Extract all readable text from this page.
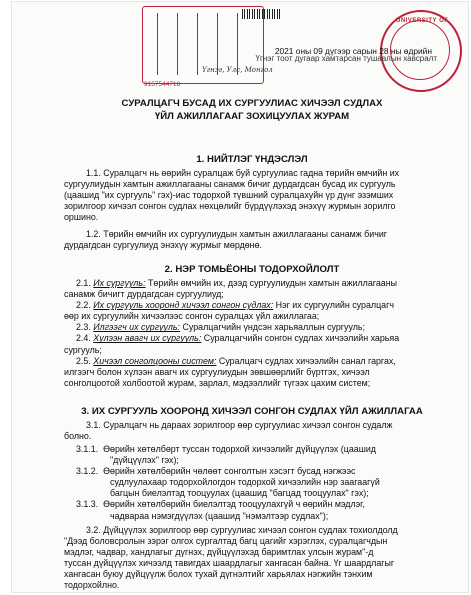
9157544718
UNIVERSITY OF
2021 оны 09 дүгээр сарын 28 ны өдрийн
Үгнэг тоот дугаар хамтарсан тушаалын хавсралт
Үгнэг, Улс, Монгол
СУРАЛЦАГЧ БУСАД ИХ СУРГУУЛИАС ХИЧЭЭЛ СУДЛАХ
ҮЙЛ АЖИЛЛАГААГ ЗОХИЦУУЛАХ ЖУРАМ
1. НИЙТЛЭГ ҮНДЭСЛЭЛ
1.1. Суралцагч нь өөрийн суралцаж буй сургуулиас гадна төрийн өмчийн их
сургуулиудын хамтын ажиллагааны санамж бичиг дурдагдсан бусад их сургууль
(цаашид "их сургууль" гэх)-иас тодорхой түвшний суралцахуйн үр дүнг эзэмших
зорилгоор хичээл сонгон судлах нөхцөлийг бүрдүүлэхэд энэхүү журмын зорилго
оршино.
1.2. Төрийн өмчийн их сургуулиудын хамтын ажиллагааны санамж бичиг
дурдагдсан сургуулиуд энэхүү журмыг мөрдөнө.
2. НЭР ТОМЬЁОНЫ ТОДОРХОЙЛОЛТ
2.1. Их сургууль: Төрийн өмчийн их, дээд сургуулиудын хамтын ажиллагааны
санамж бичигт дурдагдсан сургуулиуд;
2.2. Их сургууль хооронд хичээл сонгон судлах: Нэг их сургуулийн суралцагч
өөр их сургуулийн хичээлээс сонгон суралцах үйл ажиллагаа;
2.3. Илгээгч их сургууль: Суралцагчийн үндсэн харьяаллын сургууль;
2.4. Хүлээн авагч их сургууль: Суралцагчийн сонгон судлах хичээлийн харьяа
сургууль;
2.5. Хичээл сонголцооны систем: Суралцагч судлах хичээлийн санал гаргах,
илгээгч болон хүлээн авагч их сургуулиудын зөвшөөрлийг бүртгэх, хичээл
сонголцоотой холбоотой журам, зарлал, мэдээллийг түгээх цахим систем;
3. ИХ СУРГУУЛЬ ХООРОНД ХИЧЭЭЛ СОНГОН СУДЛАХ ҮЙЛ АЖИЛЛАГАА
3.1. Суралцагч нь дараах зорилгоор өөр сургуулиас хичээл сонгон судалж
болно.
3.1.1. Өөрийн хөтөлбөрт туссан тодорхой хичээлийг дүйцүүлэх (цаашид
"дүйцүүлэх" гэх);
3.1.2. Өөрийн хөтөлбөрийн чөлөөт сонголтын хэсэгт бусад нэгжээс
судлуулахаар тодорхойлогдон тодорхой хичээлийн нэр заагаагүй
багцын биелэлтэд тооцуулах (цаашид "багцад тооцуулах" гэх);
3.1.3. Өөрийн хөтөлбөрийн биелэлтэд тооцуулахгүй ч өөрийн мэдлэг,
чадвараа нэмэгдүүлэх (цаашид "нэмэлтээр судлах");
3.2. Дүйцүүлэх зорилгоор өөр сургуулиас хичээл сонгон судлах тохиолдолд
"Дээд боловсролын зэрэг олгох сургалтад багц цагийг хэрэглэх, суралцагчдын
мэдлэг, чадвар, хандлагыг дүгнэх, дүйцүүлэхэд баримтлах улсын журам"-д
туссан дүйцүүлэх хичээлд тавигдах шаардлагыг хангасан байна. Үг шаардлагыг
хангасан буюу дүйцүүлж болох тухай дүгнэлтийг харьялах нэгжийн тэнхим
тодорхойлно.
